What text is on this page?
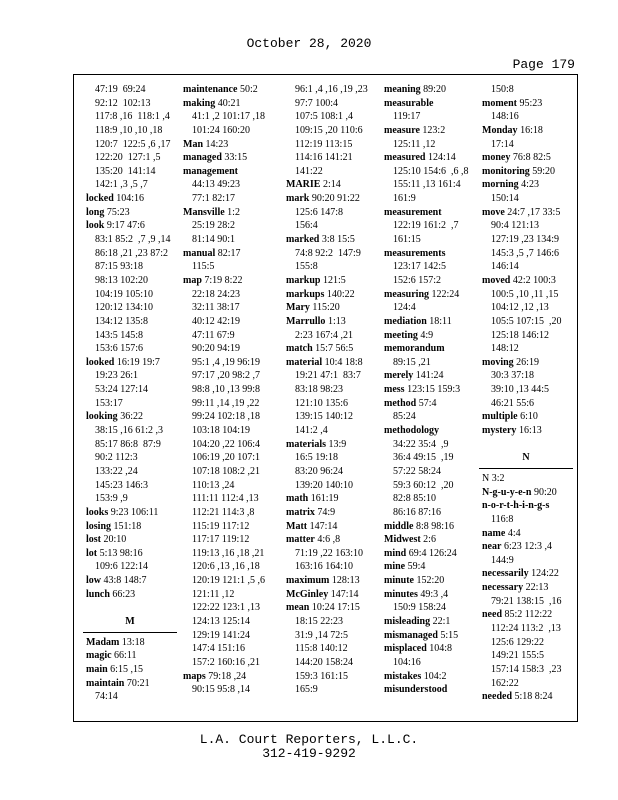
October 28, 2020
Page 179
47:19  69:24
92:12  102:13
117:8 ,16  118:1 ,4
118:9 ,10 ,10 ,18
120:7  122:5 ,6 ,17
122:20  127:1 ,5
135:20  141:14
142:1 ,3 ,5 ,7
locked 104:16
long 75:23
look 9:17 47:6
83:1 85:2  ,7 ,9 ,14
86:18 ,21 ,23 87:2
87:15 93:18
98:13 102:20
104:19 105:10
120:12 134:10
134:12 135:8
143:5 145:8
153:6 157:6
looked 16:19 19:7
19:23 26:1
53:24 127:14
153:17
looking 36:22
38:15 ,16 61:2 ,3
85:17 86:8  87:9
90:2 112:3
133:22 ,24
145:23 146:3
153:9 ,9
looks 9:23 106:11
losing 151:18
lost 20:10
lot 5:13 98:16
109:6 122:14
low 43:8 148:7
lunch 66:23
M
Madam 13:18
magic 66:11
main 6:15 ,15
maintain 70:21
74:14
maintenance 50:2
making 40:21
41:1 ,2 101:17 ,18
101:24 160:20
Man 14:23
managed 33:15
management
44:13 49:23
77:1 82:17
Mansville 1:2
25:19 28:2
81:14 90:1
manual 82:17
115:5
map 7:19 8:22
22:18 24:23
32:11 38:17
40:12 42:19
47:11 67:9
90:20 94:19
95:1 ,4 ,19 96:19
97:17 ,20 98:2 ,7
98:8 ,10 ,13 99:8
99:11 ,14 ,19 ,22
99:24 102:18 ,18
103:18 104:19
104:20 ,22 106:4
106:19 ,20 107:1
107:18 108:2 ,21
110:13 ,24
111:11 112:4 ,13
112:21 114:3 ,8
115:19 117:12
117:17 119:12
119:13 ,16 ,18 ,21
120:6 ,13 ,16 ,18
120:19 121:1 ,5 ,6
121:11 ,12
122:22 123:1 ,13
124:13 125:14
129:19 141:24
147:4 151:16
157:2 160:16 ,21
maps 79:18 ,24
90:15 95:8 ,14
96:1 ,4 ,16 ,19 ,23
97:7 100:4
107:5 108:1 ,4
109:15 ,20 110:6
112:19 113:15
114:16 141:21
141:22
MARIE 2:14
mark 90:20 91:22
125:6 147:8
156:4
marked 3:8 15:5
74:8 92:2  147:9
155:8
markup 121:5
markups 140:22
Mary 115:20
Marrullo 1:13
2:23 167:4 ,21
match 15:7 56:5
material 10:4 18:8
19:21 47:1  83:7
83:18 98:23
121:10 135:6
139:15 140:12
141:2 ,4
materials 13:9
16:5 19:18
83:20 96:24
139:20 140:10
math 161:19
matrix 74:9
Matt 147:14
matter 4:6 ,8
71:19 ,22 163:10
163:16 164:10
maximum 128:13
McGinley 147:14
mean 10:24 17:15
18:15 22:23
31:9 ,14 72:5
115:8 140:12
144:20 158:24
159:3 161:15
165:9
meaning 89:20
measurable
119:17
measure 123:2
125:11 ,12
measured 124:14
125:10 154:6  ,6 ,8
155:11 ,13 161:4
161:9
measurement
122:19 161:2  ,7
161:15
measurements
123:17 142:5
152:6 157:2
measuring 122:24
124:4
mediation 18:11
meeting 4:9
memorandum
89:15 ,21
merely 141:24
mess 123:15 159:3
method 57:4
85:24
methodology
34:22 35:4  ,9
36:4 49:15  ,19
57:22 58:24
59:3 60:12  ,20
82:8 85:10
86:16 87:16
middle 8:8 98:16
Midwest 2:6
mind 69:4 126:24
mine 59:4
minute 152:20
minutes 49:3 ,4
150:9 158:24
misleading 22:1
mismanaged 5:15
misplaced 104:8
104:16
mistakes 104:2
misunderstood
150:8
moment 95:23
148:16
Monday 16:18
17:14
money 76:8 82:5
monitoring 59:20
morning 4:23
150:14
move 24:7 ,17 33:5
90:4 121:13
127:19 ,23 134:9
145:3 ,5 ,7 146:6
146:14
moved 42:2 100:3
100:5 ,10 ,11 ,15
104:12 ,12 ,13
105:5 107:15  ,20
125:18 146:12
148:12
moving 26:19
30:3 37:18
39:10 ,13 44:5
46:21 55:6
multiple 6:10
mystery 16:13
N
N 3:2
N-g-u-y-e-n 90:20
n-o-r-t-h-i-n-g-s
116:8
name 4:4
near 6:23 12:3 ,4
144:9
necessarily 124:22
necessary 22:13
79:21 138:15  ,16
need 85:2 112:22
112:24 113:2  ,13
125:6 129:22
149:21 155:5
157:14 158:3  ,23
162:22
needed 5:18 8:24
L.A. Court Reporters, L.L.C.
312-419-9292
